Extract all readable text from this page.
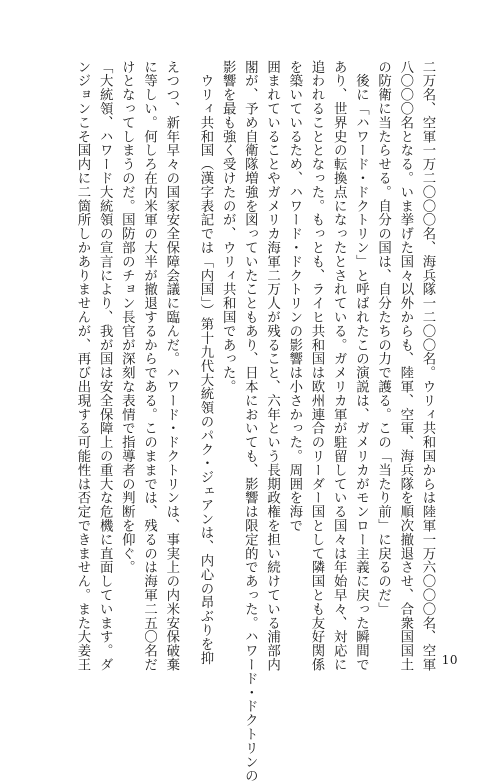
二万名、空軍一万二〇〇〇名、海兵隊一二〇〇名。ウリィ共和国からは陸軍一万六〇〇〇名、空軍
八〇〇〇名となる。いま挙げた国々以外からも、陸軍、空軍、海兵隊を順次撤退させ、合衆国国土
の防衛に当たらせる。自分の国は、自分たちの力で護る。この「当たり前」に戻るのだ」
　後に「ハワード・ドクトリン」と呼ばれたこの演説は、ガメリカがモンロー主義に戻った瞬間で
あり、世界史の転換点になったとされている。ガメリカ軍が駐留している国々は年始早々、対応に
追われることとなった。もっとも、ライヒ共和国は欧州連合のリーダー国として隣国とも友好関係
を築いているため、ハワード・ドクトリンの影響は小さかった。周囲を海で
囲まれていることやガメリカ海軍二万人が残ること、六年という長期政権を担い続けている浦部内
閣が、予め自衛隊増強を図っていたこともあり、日本においても、影響は限定的であった。ハワード・ドクトリンの
影響を最も強く受けたのが、ウリィ共和国であった。
　ウリィ共和国（漢字表記では「内国」）第十九代大統領のパク・ジェアンは、内心の昂ぶりを抑
えつつ、新年早々の国家安全保障会議に臨んだ。ハワード・ドクトリンは、事実上の内米安保破棄
に等しい。何しろ在内米軍の大半が撤退するからである。このままでは、残るのは海軍二五〇名だ
けとなってしまうのだ。国防部のチョン長官が深刻な表情で指導者の判断を仰ぐ。
「大統領、ハワード大統領の宣言により、我が国は安全保障上の重大な危機に直面しています。ダ
ンジョンこそ国内に二箇所しかありませんが、再び出現する可能性は否定できません。また大姜王	10
